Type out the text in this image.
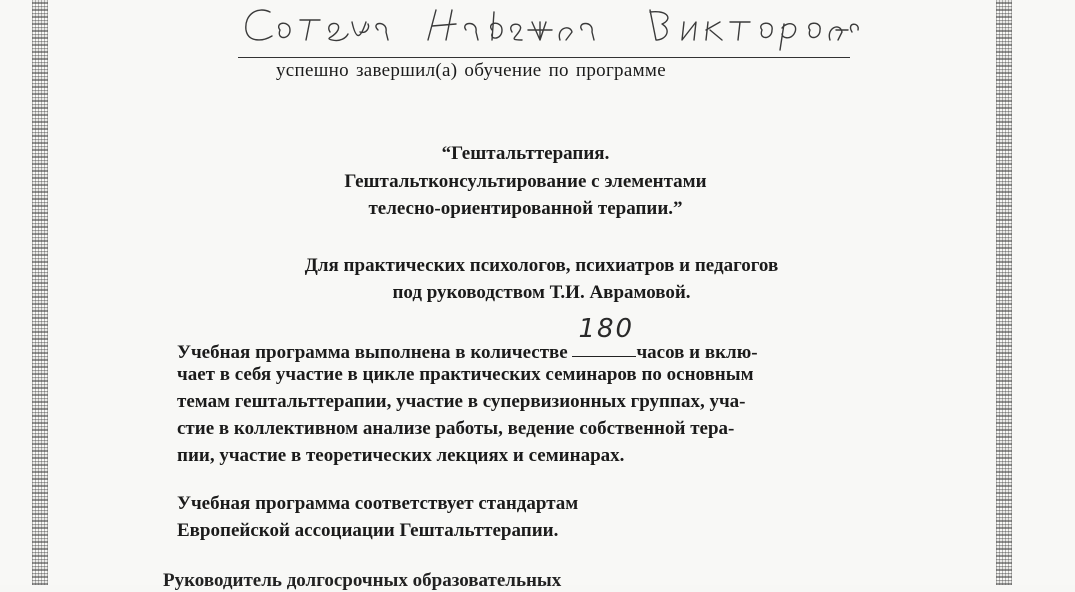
успешно завершил(а) обучение по программе
“Гештальттерапия.
Гештальтконсультирование с элементами
телесно-ориентированной терапии.”
Для практических психологов, психиатров и педагогов
под руководством Т.И. Аврамовой.
Учебная программа выполнена в количестве
180
часов и вклю-
чает в себя участие в цикле практических семинаров по основным
темам гештальттерапии, участие в супервизионных группах, уча-
стие в коллективном анализе работы, ведение собственной тера-
пии, участие в теоретических лекциях и семинарах.
Учебная программа соответствует стандартам
Европейской ассоциации Гештальттерапии.
Руководитель долгосрочных образовательных
